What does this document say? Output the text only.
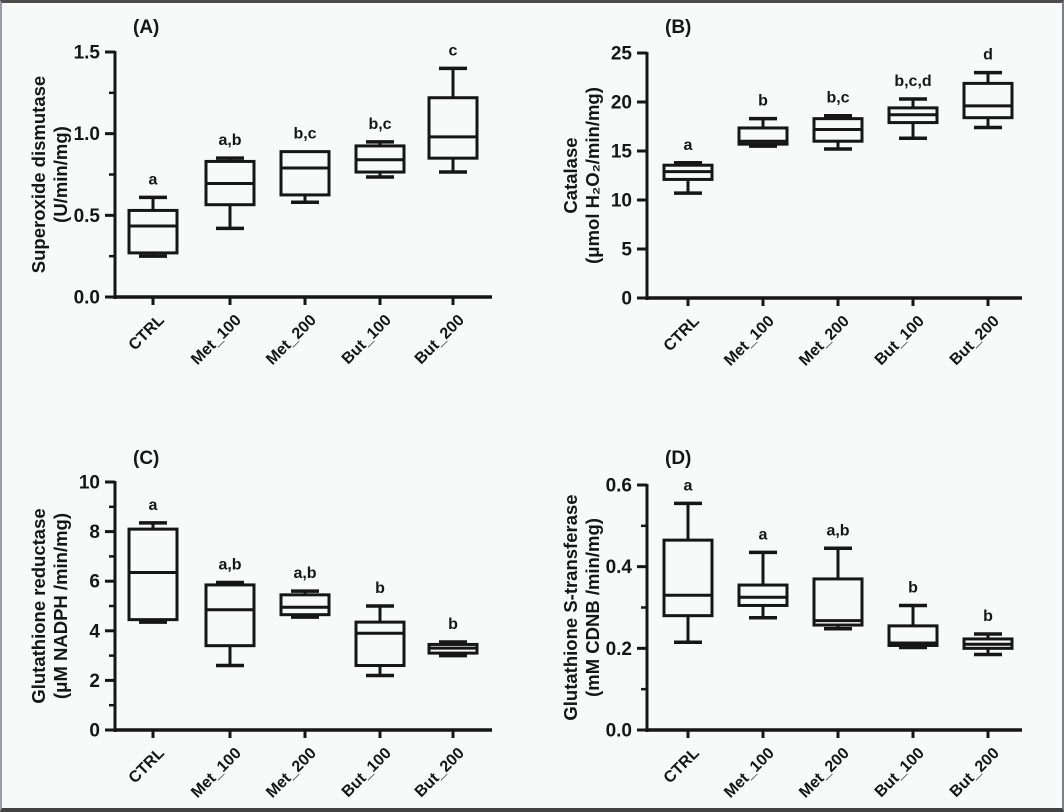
0.0
0.5
1.0
1.5
CTRL Met_100 Met_200 But_100 But_200
Superoxide dismutase (U/min/mg)
(A)
a
a,b	b,c
b,c
c
0
5
10
15
20
25
CTRL Met_100 Met_200 But_100 But_200
Catalase (μmol H₂O₂/min/mg)
(B)
a
b	b,c
b,c,d
d
0
2
4
6
8
10
CTRL Met_100 Met_200 But_100 But_200
Glutathione reductase (μM NADPH /min/mg)
(C)
a
a,b
a,b
b
b
0.0
0.2
0.4
0.6
CTRL Met_100 Met_200 But_100 But_200
Glutathione S-transferase (mM CDNB /min/mg)
(D)
a
a	a,b
b
b
